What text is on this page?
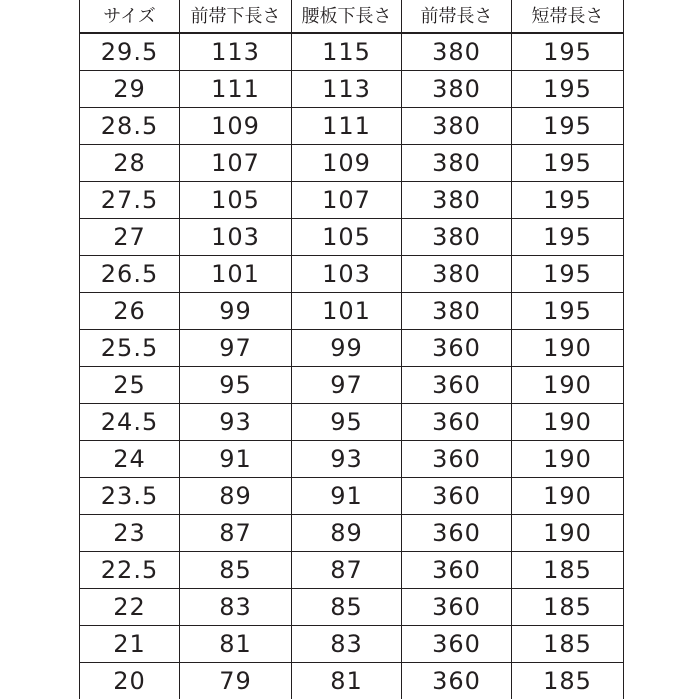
サイズ	前帯下長さ	腰板下長さ	前帯長さ	短帯長さ
29.5	113	115	380	195
29	111	113	380	195
28.5	109	111	380	195
28	107	109	380	195
27.5	105	107	380	195
27	103	105	380	195
26.5	101	103	380	195
26	99	101	380	195
25.5	97	99	360	190
25	95	97	360	190
24.5	93	95	360	190
24	91	93	360	190
23.5	89	91	360	190
23	87	89	360	190
22.5	85	87	360	185
22	83	85	360	185
21	81	83	360	185
20	79	81	360	185
